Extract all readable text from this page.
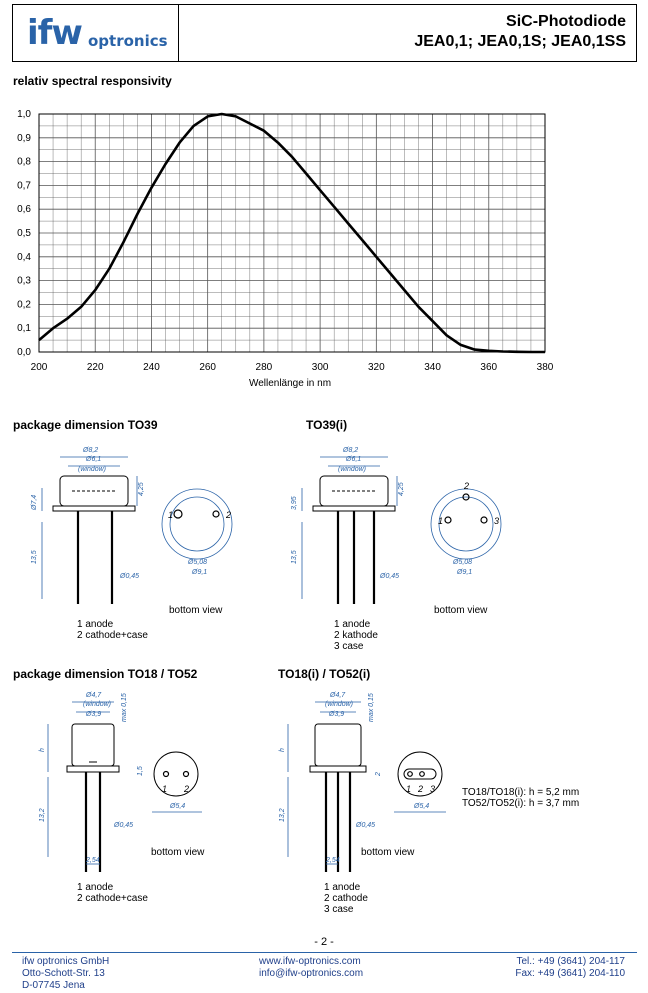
ifw optronics
SiC-Photodiode
JEA0,1; JEA0,1S; JEA0,1SS
relativ spectral responsivity
0,0
0,1
0,2
0,3
0,4
0,5
0,6
0,7
0,8
0,9
1,0
200	220	240	260	280	300	320	340	360	380
Wellenlänge in nm
package dimension TO39
Ø8,2
Ø6,1
(window)
4,25
Ø7,4
13,5
Ø0,45
Ø5,08
Ø9,1
1	2
bottom view
1 anode
2 cathode+case
TO39(i)
Ø8,2
Ø6,1
(window)
4,25
3,95
13,5
Ø0,45
Ø5,08
Ø9,1
1
2
3
bottom view
1 anode
2 kathode
3 case
package dimension TO18 / TO52
Ø4,7
(window)
Ø3,9	max 0,15
h
13,2
Ø0,45
2,54
Ø5,4
1,5
1 2
bottom view
1 anode
2 cathode+case
TO18(i) / TO52(i)
Ø4,7
(window)
Ø3,9	max 0,15
h
13,2
Ø0,45
2,54
Ø5,4
2
1 2 3	TO18/TO18(i): h = 5,2 mm
TO52/TO52(i): h = 3,7 mm
bottom view
1 anode
2 cathode
3 case
- 2 -
ifw optronics GmbH
Otto-Schott-Str. 13
D-07745 Jena
www.ifw-optronics.com
info@ifw-optronics.com
Tel.: +49 (3641) 204-117
Fax: +49 (3641) 204-110
